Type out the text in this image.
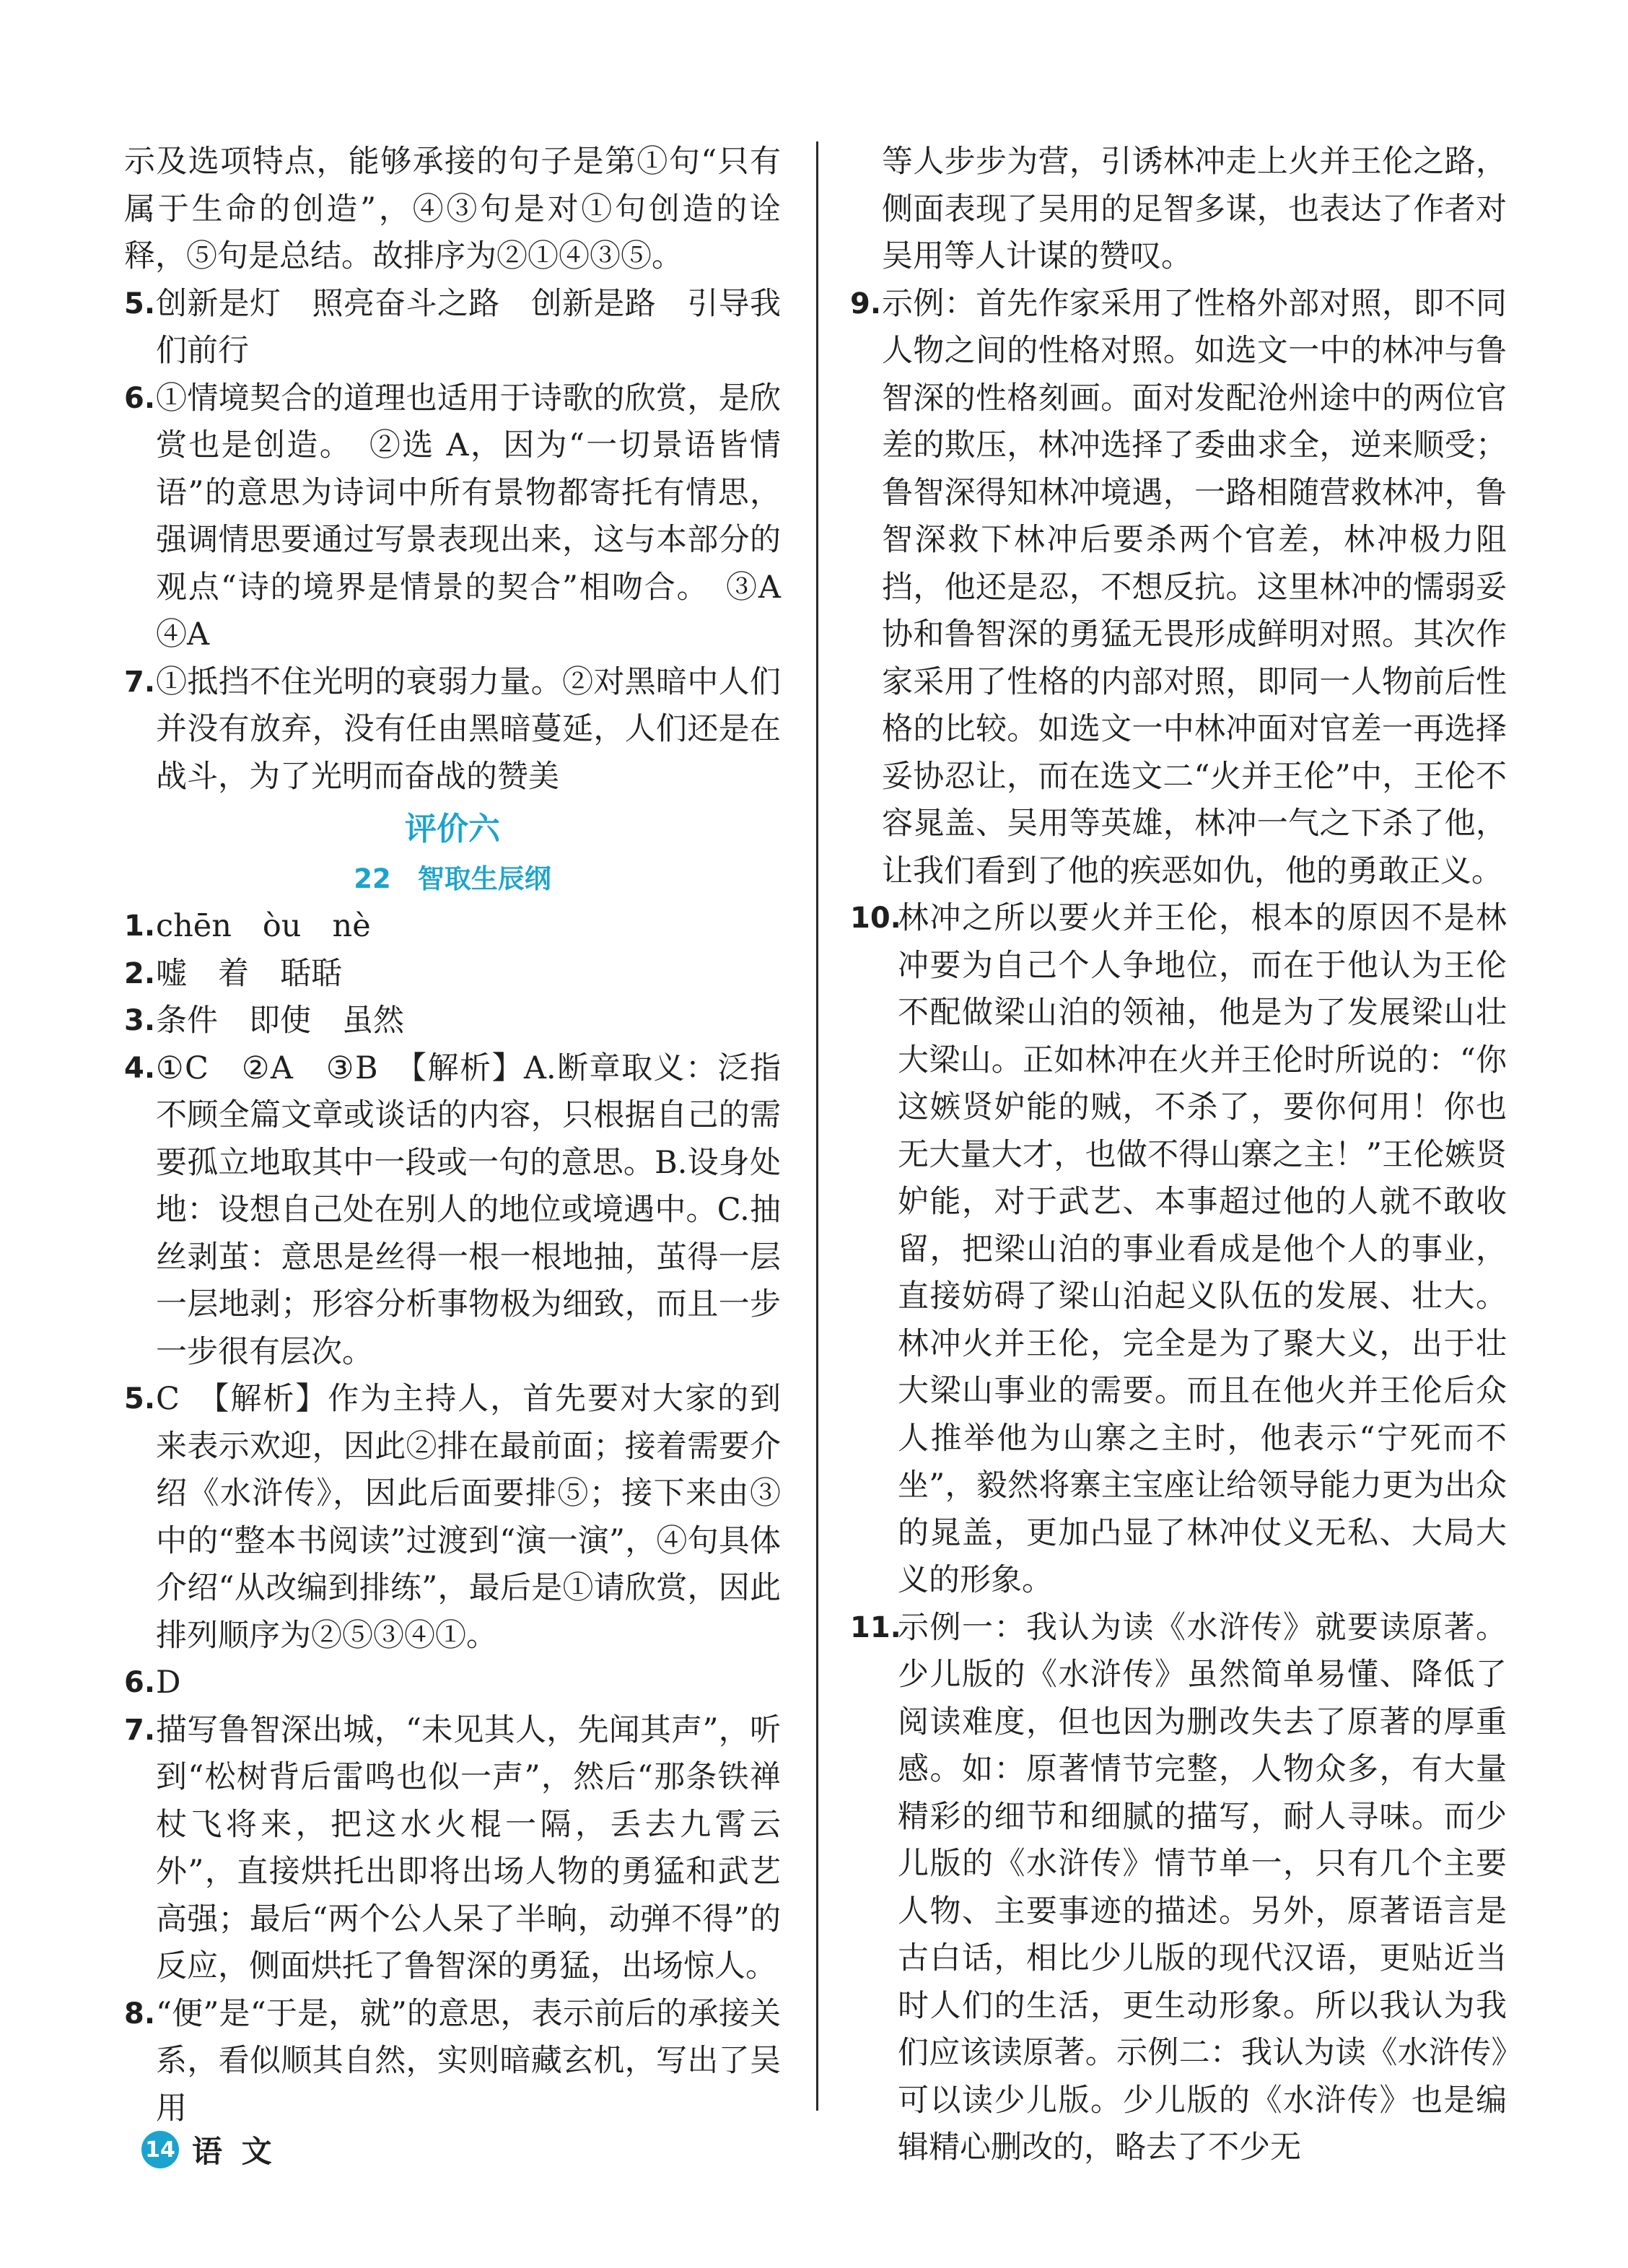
示及选项特点，能够承接的句子是第①句“只有属于生命的创造”，④③句是对①句创造的诠释，⑤句是总结。故排序为②①④③⑤。

5. 创新是灯　照亮奋斗之路　创新是路　引导我们前行
6. ①情境契合的道理也适用于诗歌的欣赏，是欣赏也是创造。　②选 A，因为“一切景语皆情语”的意思为诗词中所有景物都寄托有情思，强调情思要通过写景表现出来，这与本部分的观点“诗的境界是情景的契合”相吻合。　③A　④A
7. ①抵挡不住光明的衰弱力量。②对黑暗中人们并没有放弃，没有任由黑暗蔓延，人们还是在战斗，为了光明而奋战的赞美
评价六
22　智取生辰纲
1. chēn　òu　nè
2. 嘘　着　聒聒
3. 条件　即使　虽然
4. ①C　②A　③B　【解析】A.断章取义：泛指不顾全篇文章或谈话的内容，只根据自己的需要孤立地取其中一段或一句的意思。B.设身处地：设想自己处在别人的地位或境遇中。C.抽丝剥茧：意思是丝得一根一根地抽，茧得一层一层地剥；形容分析事物极为细致，而且一步一步很有层次。
5. C　【解析】作为主持人，首先要对大家的到来表示欢迎，因此②排在最前面；接着需要介绍《水浒传》，因此后面要排⑤；接下来由③中的“整本书阅读”过渡到“演一演”，④句具体介绍“从改编到排练”，最后是①请欣赏，因此排列顺序为②⑤③④①。
6. D
7. 描写鲁智深出城，“未见其人，先闻其声”，听到“松树背后雷鸣也似一声”，然后“那条铁禅杖飞将来，把这水火棍一隔，丢去九霄云外”，直接烘托出即将出场人物的勇猛和武艺高强；最后“两个公人呆了半晌，动弹不得”的反应，侧面烘托了鲁智深的勇猛，出场惊人。
8. “便”是“于是，就”的意思，表示前后的承接关系，看似顺其自然，实则暗藏玄机，写出了吴用

等人步步为营，引诱林冲走上火并王伦之路，侧面表现了吴用的足智多谋，也表达了作者对吴用等人计谋的赞叹。

9. 示例：首先作家采用了性格外部对照，即不同人物之间的性格对照。如选文一中的林冲与鲁智深的性格刻画。面对发配沧州途中的两位官差的欺压，林冲选择了委曲求全，逆来顺受；鲁智深得知林冲境遇，一路相随营救林冲，鲁智深救下林冲后要杀两个官差，林冲极力阻挡，他还是忍，不想反抗。这里林冲的懦弱妥协和鲁智深的勇猛无畏形成鲜明对照。其次作家采用了性格的内部对照，即同一人物前后性格的比较。如选文一中林冲面对官差一再选择妥协忍让，而在选文二“火并王伦”中，王伦不容晁盖、吴用等英雄，林冲一气之下杀了他，让我们看到了他的疾恶如仇，他的勇敢正义。
10.
林冲之所以要火并王伦，根本的原因不是林冲要为自己个人争地位，而在于他认为王伦不配做梁山泊的领袖，他是为了发展梁山壮大梁山。正如林冲在火并王伦时所说的：“你这嫉贤妒能的贼，不杀了，要你何用！你也无大量大才，也做不得山寨之主！”王伦嫉贤妒能，对于武艺、本事超过他的人就不敢收留，把梁山泊的事业看成是他个人的事业，直接妨碍了梁山泊起义队伍的发展、壮大。林冲火并王伦，完全是为了聚大义，出于壮大梁山事业的需要。而且在他火并王伦后众人推举他为山寨之主时，他表示“宁死而不坐”，毅然将寨主宝座让给领导能力更为出众的晁盖，更加凸显了林冲仗义无私、大局大义的形象。
11.
示例一：我认为读《水浒传》就要读原著。少儿版的《水浒传》虽然简单易懂、降低了阅读难度，但也因为删改失去了原著的厚重感。如：原著情节完整，人物众多，有大量精彩的细节和细腻的描写，耐人寻味。而少儿版的《水浒传》情节单一，只有几个主要人物、主要事迹的描述。另外，原著语言是古白话，相比少儿版的现代汉语，更贴近当时人们的生活，更生动形象。所以我认为我们应该读原著。示例二：我认为读《水浒传》可以读少儿版。少儿版的《水浒传》也是编辑精心删改的，略去了不少无
14 语 文
